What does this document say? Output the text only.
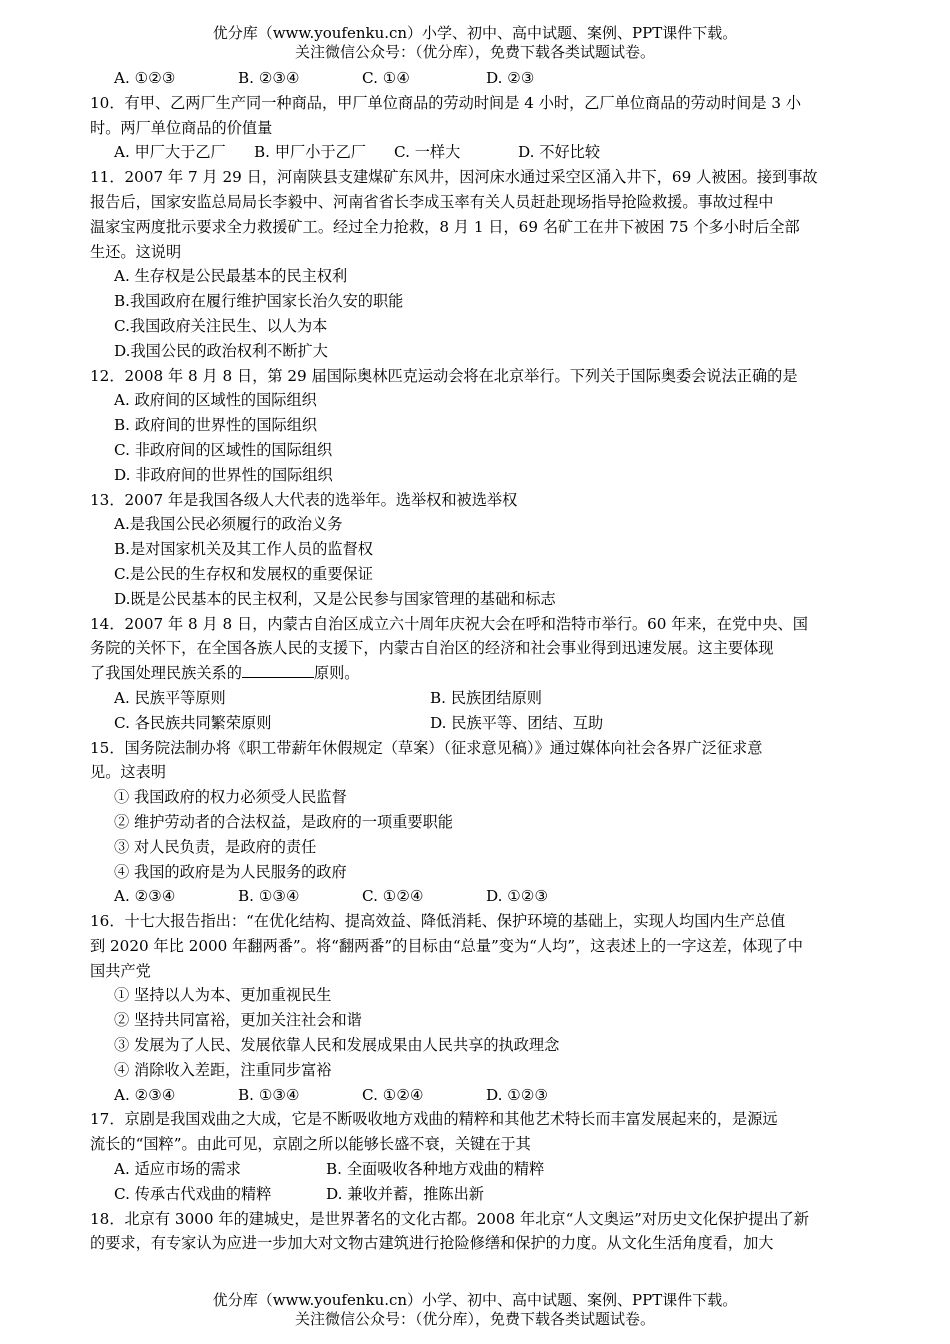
优分库（www.youfenku.cn）小学、初中、高中试题、案例、PPT课件下载。
关注微信公众号：（优分库），免费下载各类试题试卷。
A. ①②③	B. ②③④	C. ①④	D. ②③
10．有甲、乙两厂生产同一种商品，甲厂单位商品的劳动时间是 4 小时，乙厂单位商品的劳动时间是 3 小
时。两厂单位商品的价值量
A. 甲厂大于乙厂 B. 甲厂小于乙厂 C. 一样大	D. 不好比较
11．2007 年 7 月 29 日，河南陕县支建煤矿东风井，因河床水通过采空区涌入井下，69 人被困。接到事故
报告后，国家安监总局局长李毅中、河南省省长李成玉率有关人员赶赴现场指导抢险救援。事故过程中
温家宝两度批示要求全力救援矿工。经过全力抢救，8 月 1 日，69 名矿工在井下被困 75 个多小时后全部
生还。这说明
A. 生存权是公民最基本的民主权利
B.我国政府在履行维护国家长治久安的职能
C.我国政府关注民生、以人为本
D.我国公民的政治权利不断扩大
12．2008 年 8 月 8 日，第 29 届国际奥林匹克运动会将在北京举行。下列关于国际奥委会说法正确的是
A. 政府间的区域性的国际组织
B. 政府间的世界性的国际组织
C. 非政府间的区域性的国际组织
D. 非政府间的世界性的国际组织
13．2007 年是我国各级人大代表的选举年。选举权和被选举权
A.是我国公民必须履行的政治义务
B.是对国家机关及其工作人员的监督权
C.是公民的生存权和发展权的重要保证
D.既是公民基本的民主权利，又是公民参与国家管理的基础和标志
14．2007 年 8 月 8 日，内蒙古自治区成立六十周年庆祝大会在呼和浩特市举行。60 年来，在党中央、国
务院的关怀下，在全国各族人民的支援下，内蒙古自治区的经济和社会事业得到迅速发展。这主要体现
了我国处理民族关系的	原则。
A. 民族平等原则	B. 民族团结原则
C. 各民族共同繁荣原则	D. 民族平等、团结、互助
15．国务院法制办将《职工带薪年休假规定（草案）（征求意见稿）》通过媒体向社会各界广泛征求意
见。这表明
① 我国政府的权力必须受人民监督
② 维护劳动者的合法权益，是政府的一项重要职能
③ 对人民负责，是政府的责任
④ 我国的政府是为人民服务的政府
A. ②③④	B. ①③④	C. ①②④	D. ①②③
16．十七大报告指出：“在优化结构、提高效益、降低消耗、保护环境的基础上，实现人均国内生产总值
到 2020 年比 2000 年翻两番”。将“翻两番”的目标由“总量”变为“人均”，这表述上的一字这差，体现了中
国共产党
① 坚持以人为本、更加重视民生
② 坚持共同富裕，更加关注社会和谐
③ 发展为了人民、发展依靠人民和发展成果由人民共享的执政理念
④ 消除收入差距，注重同步富裕
A. ②③④	B. ①③④	C. ①②④	D. ①②③
17．京剧是我国戏曲之大成，它是不断吸收地方戏曲的精粹和其他艺术特长而丰富发展起来的，是源远
流长的“国粹”。由此可见，京剧之所以能够长盛不衰，关键在于其
A. 适应市场的需求	B. 全面吸收各种地方戏曲的精粹
C. 传承古代戏曲的精粹	D. 兼收并蓄，推陈出新
18．北京有 3000 年的建城史，是世界著名的文化古都。2008 年北京“人文奥运”对历史文化保护提出了新
的要求，有专家认为应进一步加大对文物古建筑进行抢险修缮和保护的力度。从文化生活角度看，加大
优分库（www.youfenku.cn）小学、初中、高中试题、案例、PPT课件下载。
关注微信公众号：（优分库），免费下载各类试题试卷。
